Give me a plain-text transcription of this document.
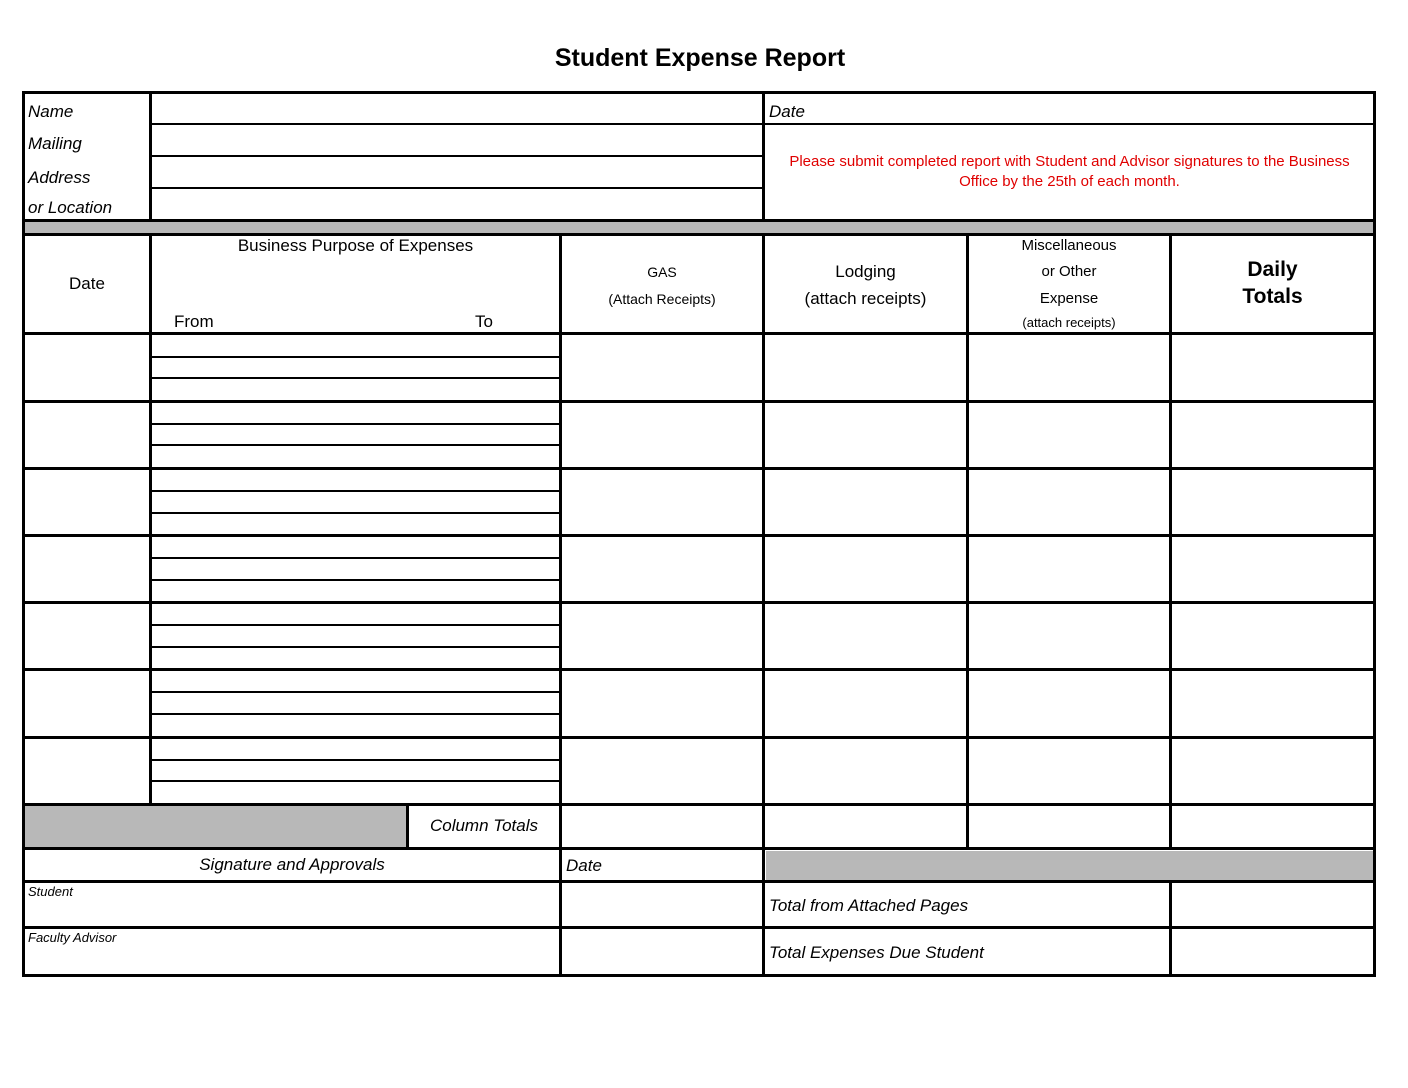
Student Expense Report
Name
Mailing
Address
or Location
Date
Please submit completed report with Student and Advisor signatures to the Business
Office by the 25th of each month.
Date
Business Purpose of Expenses
From	To
GAS
(Attach Receipts)
Lodging
(attach receipts)
Miscellaneous
or Other
Expense
(attach receipts)
Daily
Totals
Column Totals
Signature and Approvals	Date
Student
Faculty Advisor
Total from Attached Pages
Total Expenses Due Student
